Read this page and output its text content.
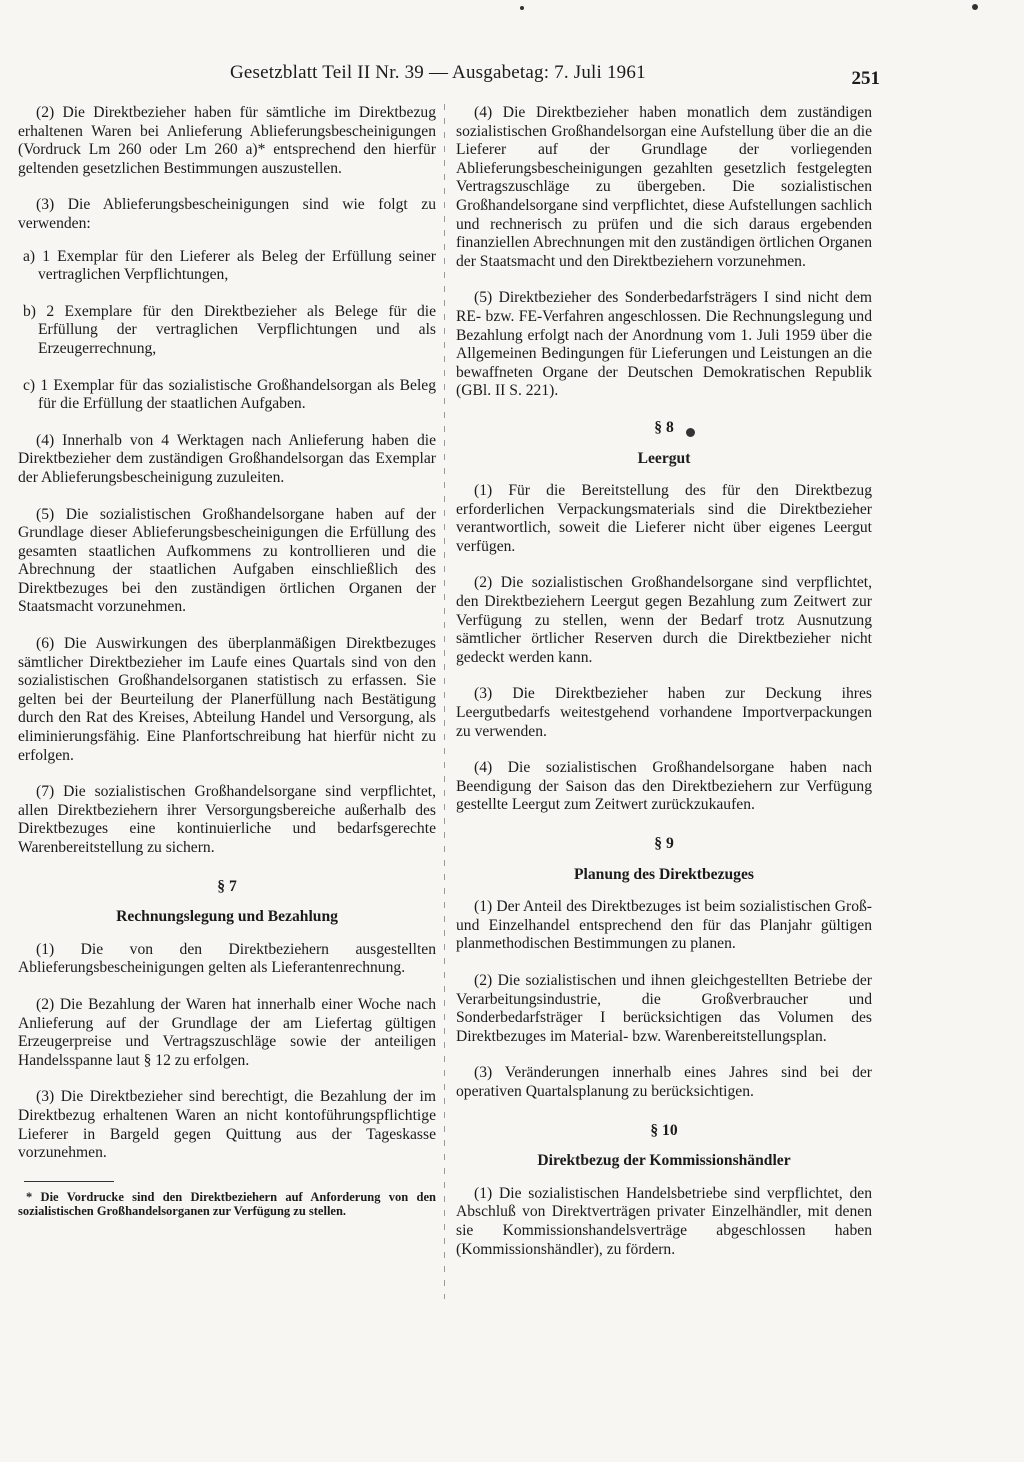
Gesetzblatt Teil II Nr. 39 — Ausgabetag: 7. Juli 1961	251

(2) Die Direktbezieher haben für sämtliche im Direktbezug erhaltenen Waren bei Anlieferung Ablieferungsbescheinigungen (Vordruck Lm 260 oder Lm 260 a)* entsprechend den hierfür geltenden gesetzlichen Bestimmungen auszustellen.

(3) Die Ablieferungsbescheinigungen sind wie folgt zu verwenden:

a) 1 Exemplar für den Lieferer als Beleg der Erfüllung seiner vertraglichen Verpflichtungen,
b) 2 Exemplare für den Direktbezieher als Belege für die Erfüllung der vertraglichen Verpflichtungen und als Erzeugerrechnung,
c) 1 Exemplar für das sozialistische Großhandelsorgan als Beleg für die Erfüllung der staatlichen Aufgaben.

(4) Innerhalb von 4 Werktagen nach Anlieferung haben die Direktbezieher dem zuständigen Großhandelsorgan das Exemplar der Ablieferungsbescheinigung zuzuleiten.

(5) Die sozialistischen Großhandelsorgane haben auf der Grundlage dieser Ablieferungsbescheinigungen die Erfüllung des gesamten staatlichen Aufkommens zu kontrollieren und die Abrechnung der staatlichen Aufgaben einschließlich des Direktbezuges bei den zuständigen örtlichen Organen der Staatsmacht vorzunehmen.

(6) Die Auswirkungen des überplanmäßigen Direktbezuges sämtlicher Direktbezieher im Laufe eines Quartals sind von den sozialistischen Großhandelsorganen statistisch zu erfassen. Sie gelten bei der Beurteilung der Planerfüllung nach Bestätigung durch den Rat des Kreises, Abteilung Handel und Versorgung, als eliminierungsfähig. Eine Planfortschreibung hat hierfür nicht zu erfolgen.

(7) Die sozialistischen Großhandelsorgane sind verpflichtet, allen Direktbeziehern ihrer Versorgungsbereiche außerhalb des Direktbezuges eine kontinuierliche und bedarfsgerechte Warenbereitstellung zu sichern.

§ 7
Rechnungslegung und Bezahlung

(1) Die von den Direktbeziehern ausgestellten Ablieferungsbescheinigungen gelten als Lieferantenrechnung.

(2) Die Bezahlung der Waren hat innerhalb einer Woche nach Anlieferung auf der Grundlage der am Liefertag gültigen Erzeugerpreise und Vertragszuschläge sowie der anteiligen Handelsspanne laut § 12 zu erfolgen.

(3) Die Direktbezieher sind berechtigt, die Bezahlung der im Direktbezug erhaltenen Waren an nicht kontoführungspflichtige Lieferer in Bargeld gegen Quittung aus der Tageskasse vorzunehmen.

* Die Vordrucke sind den Direktbeziehern auf Anforderung von den sozialistischen Großhandelsorganen zur Verfügung zu stellen.

(4) Die Direktbezieher haben monatlich dem zuständigen sozialistischen Großhandelsorgan eine Aufstellung über die an die Lieferer auf der Grundlage der vorliegenden Ablieferungsbescheinigungen gezahlten gesetzlich festgelegten Vertragszuschläge zu übergeben. Die sozialistischen Großhandelsorgane sind verpflichtet, diese Aufstellungen sachlich und rechnerisch zu prüfen und die sich daraus ergebenden finanziellen Abrechnungen mit den zuständigen örtlichen Organen der Staatsmacht und den Direktbeziehern vorzunehmen.

(5) Direktbezieher des Sonderbedarfsträgers I sind nicht dem RE- bzw. FE-Verfahren angeschlossen. Die Rechnungslegung und Bezahlung erfolgt nach der Anordnung vom 1. Juli 1959 über die Allgemeinen Bedingungen für Lieferungen und Leistungen an die bewaffneten Organe der Deutschen Demokratischen Republik (GBl. II S. 221).

§ 8
Leergut

(1) Für die Bereitstellung des für den Direktbezug erforderlichen Verpackungsmaterials sind die Direktbezieher verantwortlich, soweit die Lieferer nicht über eigenes Leergut verfügen.

(2) Die sozialistischen Großhandelsorgane sind verpflichtet, den Direktbeziehern Leergut gegen Bezahlung zum Zeitwert zur Verfügung zu stellen, wenn der Bedarf trotz Ausnutzung sämtlicher örtlicher Reserven durch die Direktbezieher nicht gedeckt werden kann.

(3) Die Direktbezieher haben zur Deckung ihres Leergutbedarfs weitestgehend vorhandene Importverpackungen zu verwenden.

(4) Die sozialistischen Großhandelsorgane haben nach Beendigung der Saison das den Direktbeziehern zur Verfügung gestellte Leergut zum Zeitwert zurückzukaufen.

§ 9
Planung des Direktbezuges

(1) Der Anteil des Direktbezuges ist beim sozialistischen Groß- und Einzelhandel entsprechend den für das Planjahr gültigen planmethodischen Bestimmungen zu planen.

(2) Die sozialistischen und ihnen gleichgestellten Betriebe der Verarbeitungsindustrie, die Großverbraucher und Sonderbedarfsträger I berücksichtigen das Volumen des Direktbezuges im Material- bzw. Warenbereitstellungsplan.

(3) Veränderungen innerhalb eines Jahres sind bei der operativen Quartalsplanung zu berücksichtigen.

§ 10
Direktbezug der Kommissionshändler

(1) Die sozialistischen Handelsbetriebe sind verpflichtet, den Abschluß von Direktverträgen privater Einzelhändler, mit denen sie Kommissionshandelsverträge abgeschlossen haben (Kommissionshändler), zu fördern.
